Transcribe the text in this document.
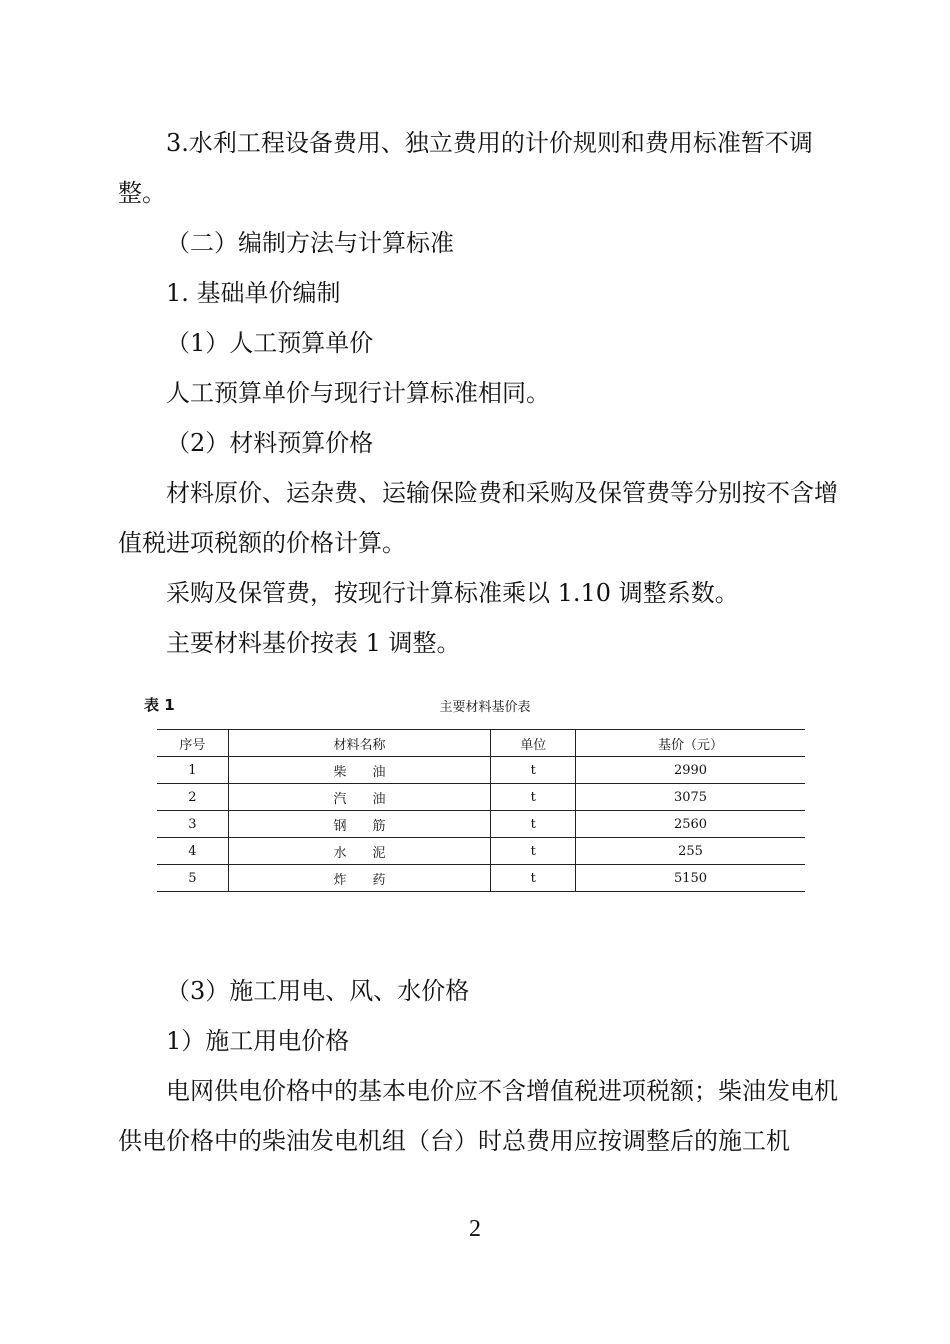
3.水利工程设备费用、独立费用的计价规则和费用标准暂不调整。

（二）编制方法与计算标准

1. 基础单价编制

（1）人工预算单价

人工预算单价与现行计算标准相同。

（2）材料预算价格

材料原价、运杂费、运输保险费和采购及保管费等分别按不含增值税进项税额的价格计算。

采购及保管费，按现行计算标准乘以 1.10 调整系数。

主要材料基价按表 1 调整。

表 1	主要材料基价表
序号	材料名称	单位	基价（元）
1	柴　　油	t	2990
2	汽　　油	t	3075
3	钢　　筋	t	2560
4	水　　泥	t	255
5	炸　　药	t	5150

（3）施工用电、风、水价格

1）施工用电价格

电网供电价格中的基本电价应不含增值税进项税额；柴油发电机供电价格中的柴油发电机组（台）时总费用应按调整后的施工机

2
